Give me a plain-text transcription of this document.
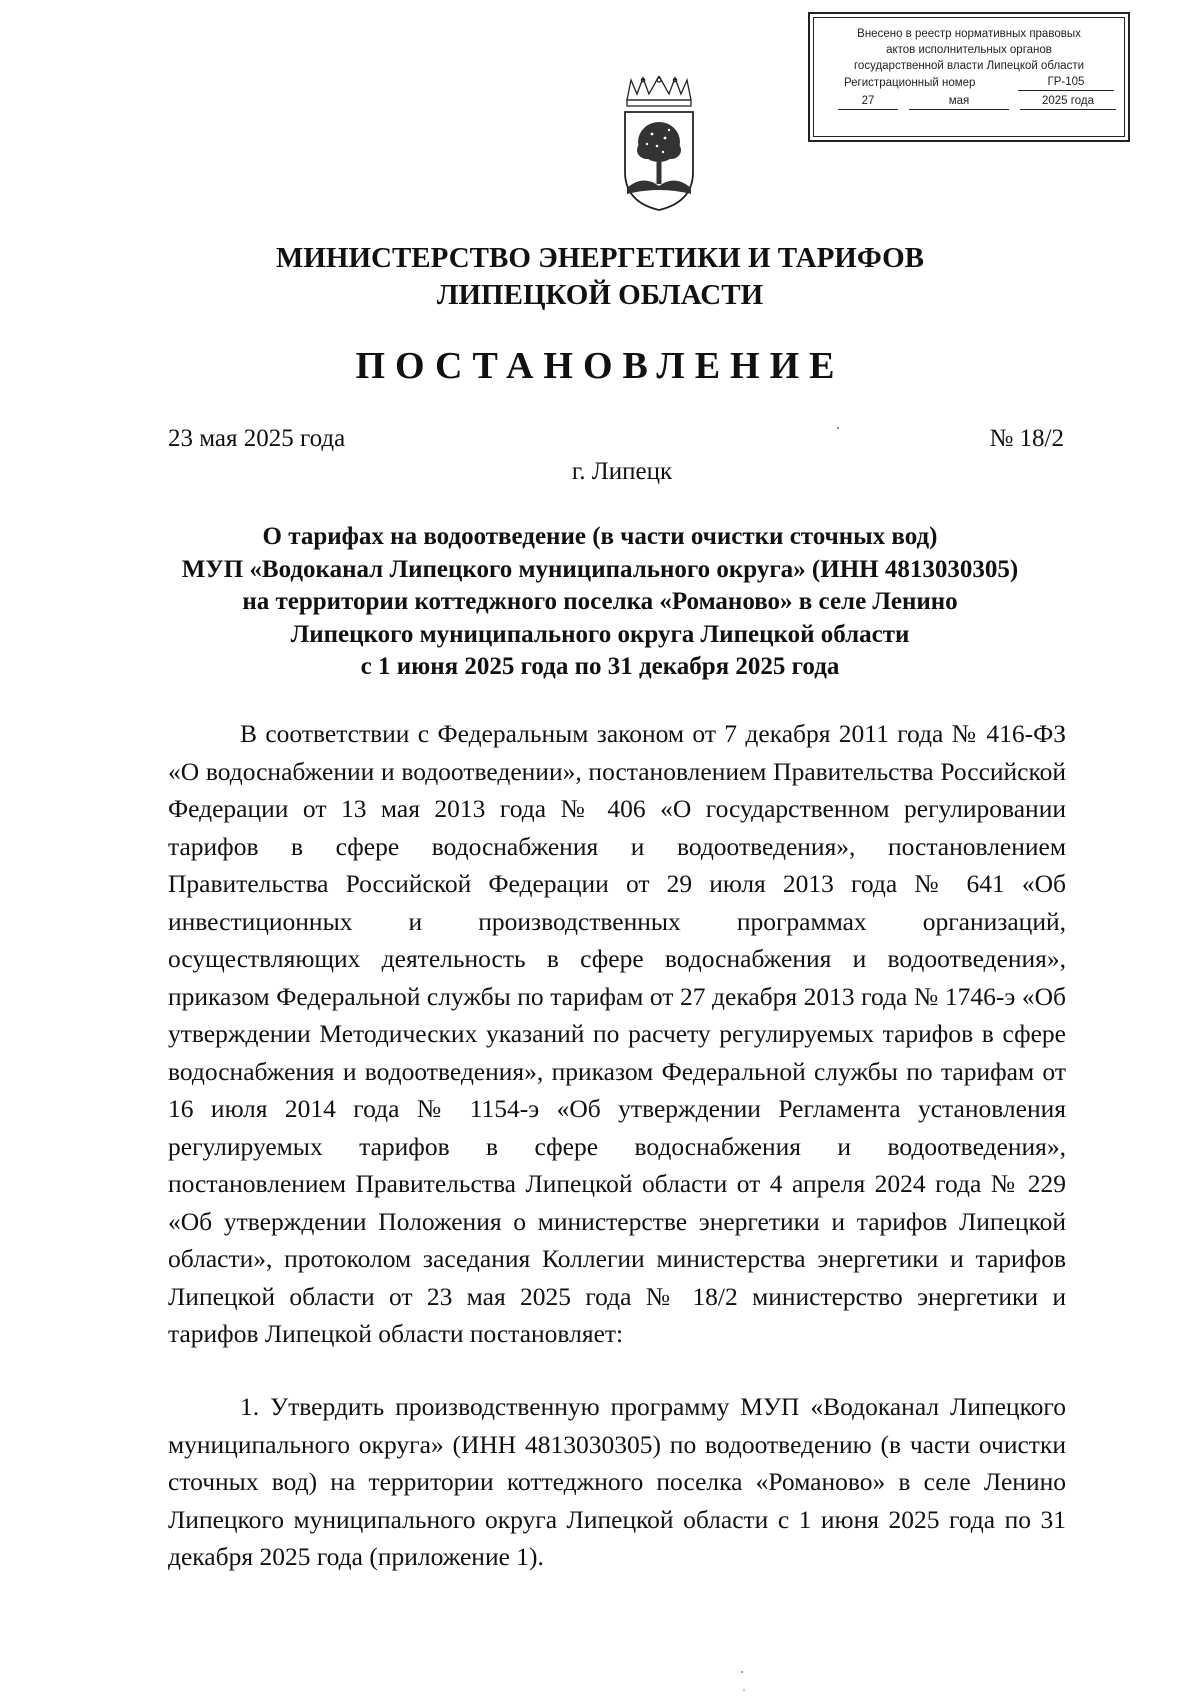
Внесено в реестр нормативных правовых
актов исполнительных органов
государственной власти Липецкой области
Регистрационный номер	ГР-105
27	мая	2025 года
МИНИСТЕРСТВО ЭНЕРГЕТИКИ И ТАРИФОВ
ЛИПЕЦКОЙ ОБЛАСТИ
ПОСТАНОВЛЕНИЕ
23 мая 2025 года	№ 18/2
г. Липецк
О тарифах на водоотведение (в части очистки сточных вод)
МУП «Водоканал Липецкого муниципального округа» (ИНН 4813030305)
на территории коттеджного поселка «Романово» в селе Ленино
Липецкого муниципального округа Липецкой области
с 1 июня 2025 года по 31 декабря 2025 года
В соответствии с Федеральным законом от 7 декабря 2011 года № 416-ФЗ «О водоснабжении и водоотведении», постановлением Правительства Российской Федерации от 13 мая 2013 года № 406 «О государственном регулировании тарифов в сфере водоснабжения и водоотведения», постановлением Правительства Российской Федерации от 29 июля 2013 года № 641 «Об инвестиционных и производственных программах организаций, осуществляющих деятельность в сфере водоснабжения и водоотведения», приказом Федеральной службы по тарифам от 27 декабря 2013 года № 1746-э «Об утверждении Методических указаний по расчету регулируемых тарифов в сфере водоснабжения и водоотведения», приказом Федеральной службы по тарифам от 16 июля 2014 года № 1154-э «Об утверждении Регламента установления регулируемых тарифов в сфере водоснабжения и водоотведения», постановлением Правительства Липецкой области от 4 апреля 2024 года № 229 «Об утверждении Положения о министерстве энергетики и тарифов Липецкой области», протоколом заседания Коллегии министерства энергетики и тарифов Липецкой области от 23 мая 2025 года № 18/2 министерство энергетики и тарифов Липецкой области постановляет:
1. Утвердить производственную программу МУП «Водоканал Липецкого муниципального округа» (ИНН 4813030305) по водоотведению (в части очистки сточных вод) на территории коттеджного поселка «Романово» в селе Ленино Липецкого муниципального округа Липецкой области с 1 июня 2025 года по 31 декабря 2025 года (приложение 1).
